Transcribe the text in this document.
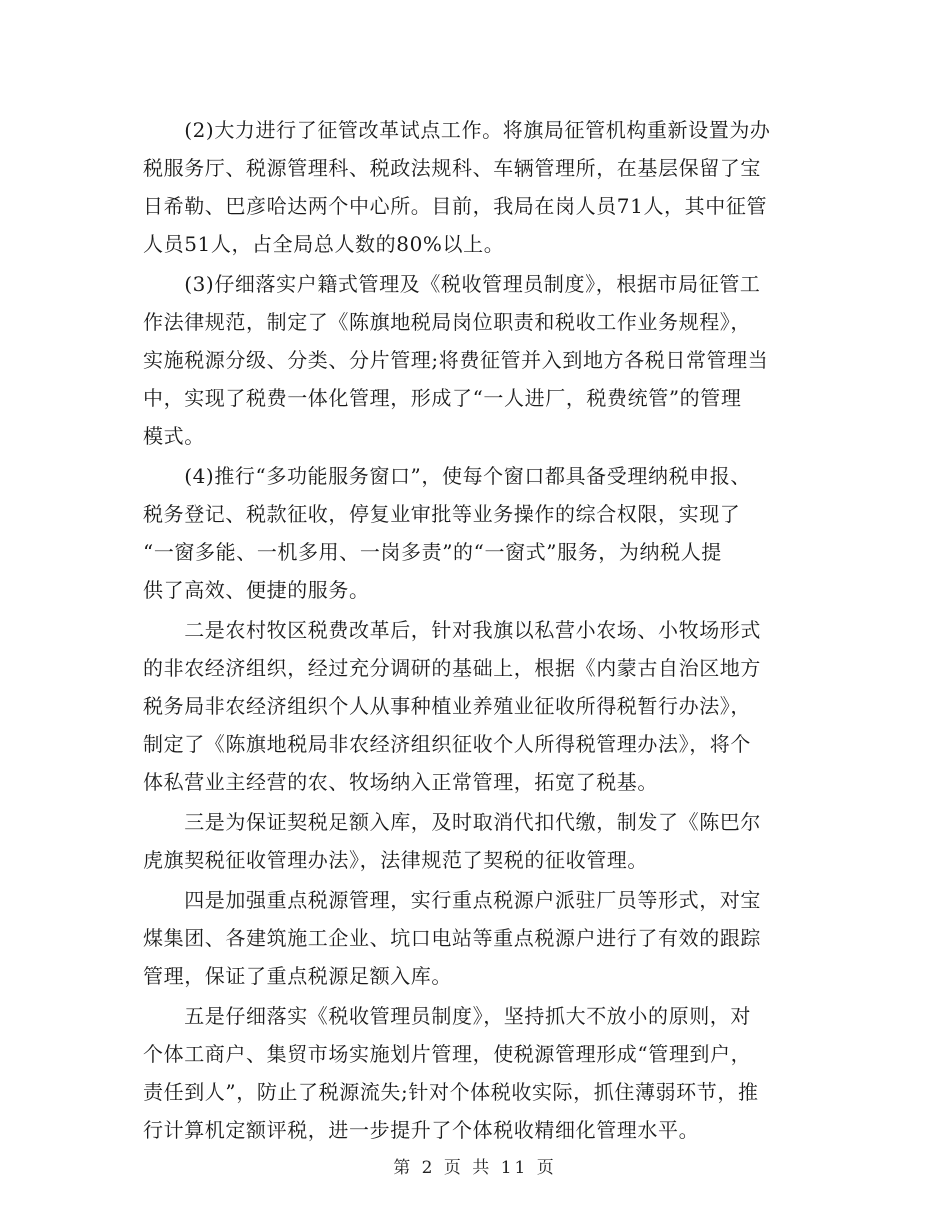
　　(2)大力进行了征管改革试点工作。将旗局征管机构重新设置为办
税服务厅、税源管理科、税政法规科、车辆管理所，在基层保留了宝
日希勒、巴彦哈达两个中心所。目前，我局在岗人员71人，其中征管
人员51人，占全局总人数的80%以上。
　　(3)仔细落实户籍式管理及《税收管理员制度》，根据市局征管工
作法律规范，制定了《陈旗地税局岗位职责和税收工作业务规程》，
实施税源分级、分类、分片管理;将费征管并入到地方各税日常管理当
中，实现了税费一体化管理，形成了“一人进厂，税费统管”的管理
模式。
　　(4)推行“多功能服务窗口”，使每个窗口都具备受理纳税申报、
税务登记、税款征收，停复业审批等业务操作的综合权限，实现了
“一窗多能、一机多用、一岗多责”的“一窗式”服务，为纳税人提
供了高效、便捷的服务。
　　二是农村牧区税费改革后，针对我旗以私营小农场、小牧场形式
的非农经济组织，经过充分调研的基础上，根据《内蒙古自治区地方
税务局非农经济组织个人从事种植业养殖业征收所得税暂行办法》，
制定了《陈旗地税局非农经济组织征收个人所得税管理办法》，将个
体私营业主经营的农、牧场纳入正常管理，拓宽了税基。
　　三是为保证契税足额入库，及时取消代扣代缴，制发了《陈巴尔
虎旗契税征收管理办法》，法律规范了契税的征收管理。
　　四是加强重点税源管理，实行重点税源户派驻厂员等形式，对宝
煤集团、各建筑施工企业、坑口电站等重点税源户进行了有效的跟踪
管理，保证了重点税源足额入库。
　　五是仔细落实《税收管理员制度》，坚持抓大不放小的原则，对
个体工商户、集贸市场实施划片管理，使税源管理形成“管理到户，
责任到人”，防止了税源流失;针对个体税收实际，抓住薄弱环节，推
行计算机定额评税，进一步提升了个体税收精细化管理水平。
第 2 页 共 11 页
